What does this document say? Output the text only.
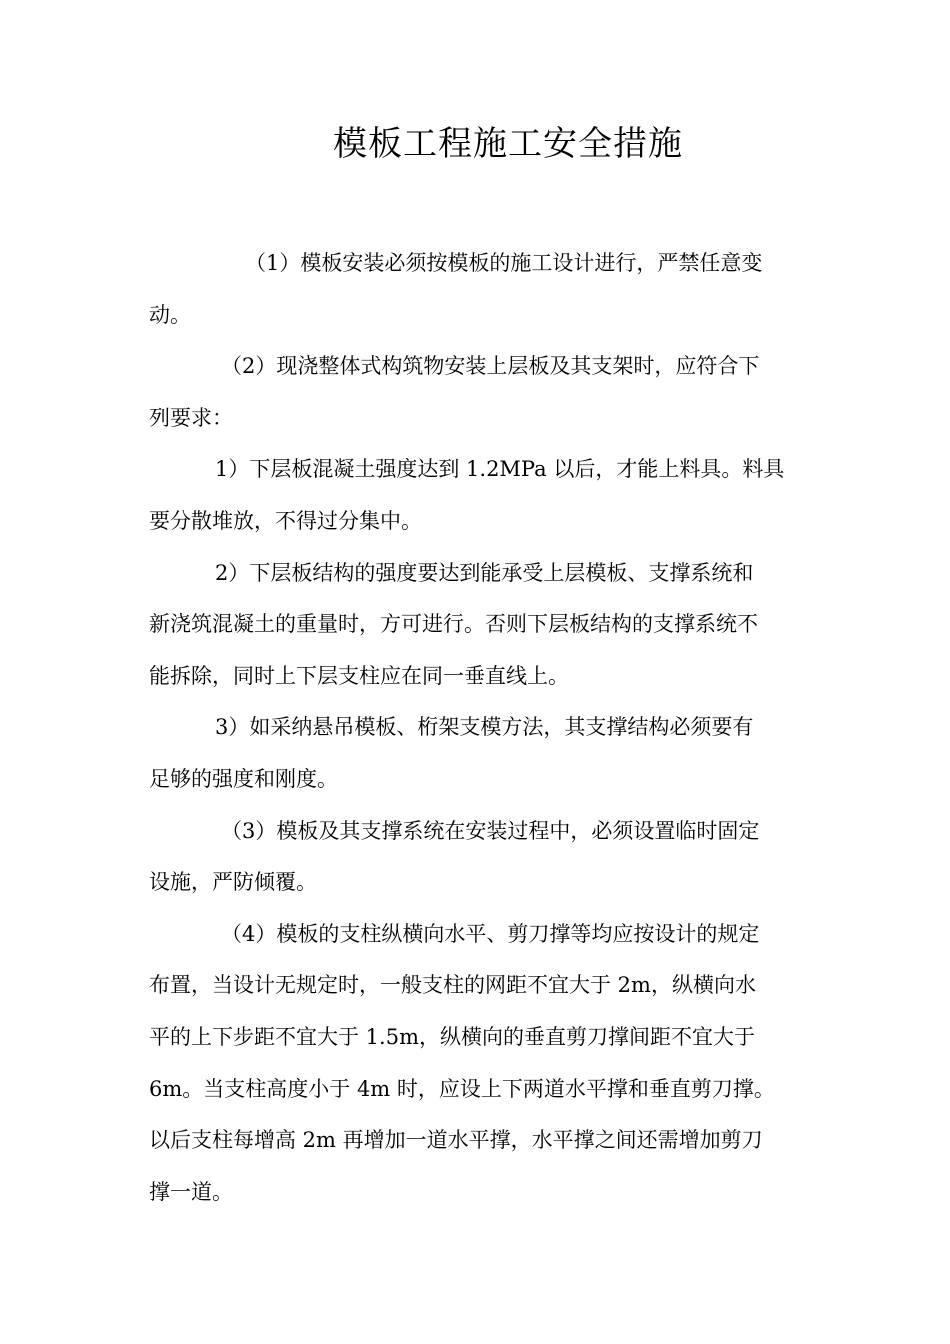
模板工程施工安全措施
（1）模板安装必须按模板的施工设计进行，严禁任意变
动。
（2）现浇整体式构筑物安装上层板及其支架时，应符合下
列要求：
1）下层板混凝土强度达到 1.2MPa 以后，才能上料具。料具
要分散堆放，不得过分集中。
2）下层板结构的强度要达到能承受上层模板、支撑系统和
新浇筑混凝土的重量时，方可进行。否则下层板结构的支撑系统不
能拆除，同时上下层支柱应在同一垂直线上。
3）如采纳悬吊模板、桁架支模方法，其支撑结构必须要有
足够的强度和刚度。
（3）模板及其支撑系统在安装过程中，必须设置临时固定
设施，严防倾覆。
（4）模板的支柱纵横向水平、剪刀撑等均应按设计的规定
布置，当设计无规定时，一般支柱的网距不宜大于 2m，纵横向水
平的上下步距不宜大于 1.5m，纵横向的垂直剪刀撑间距不宜大于
6m。当支柱高度小于 4m 时，应设上下两道水平撑和垂直剪刀撑。
以后支柱每增高 2m 再增加一道水平撑，水平撑之间还需增加剪刀
撑一道。
